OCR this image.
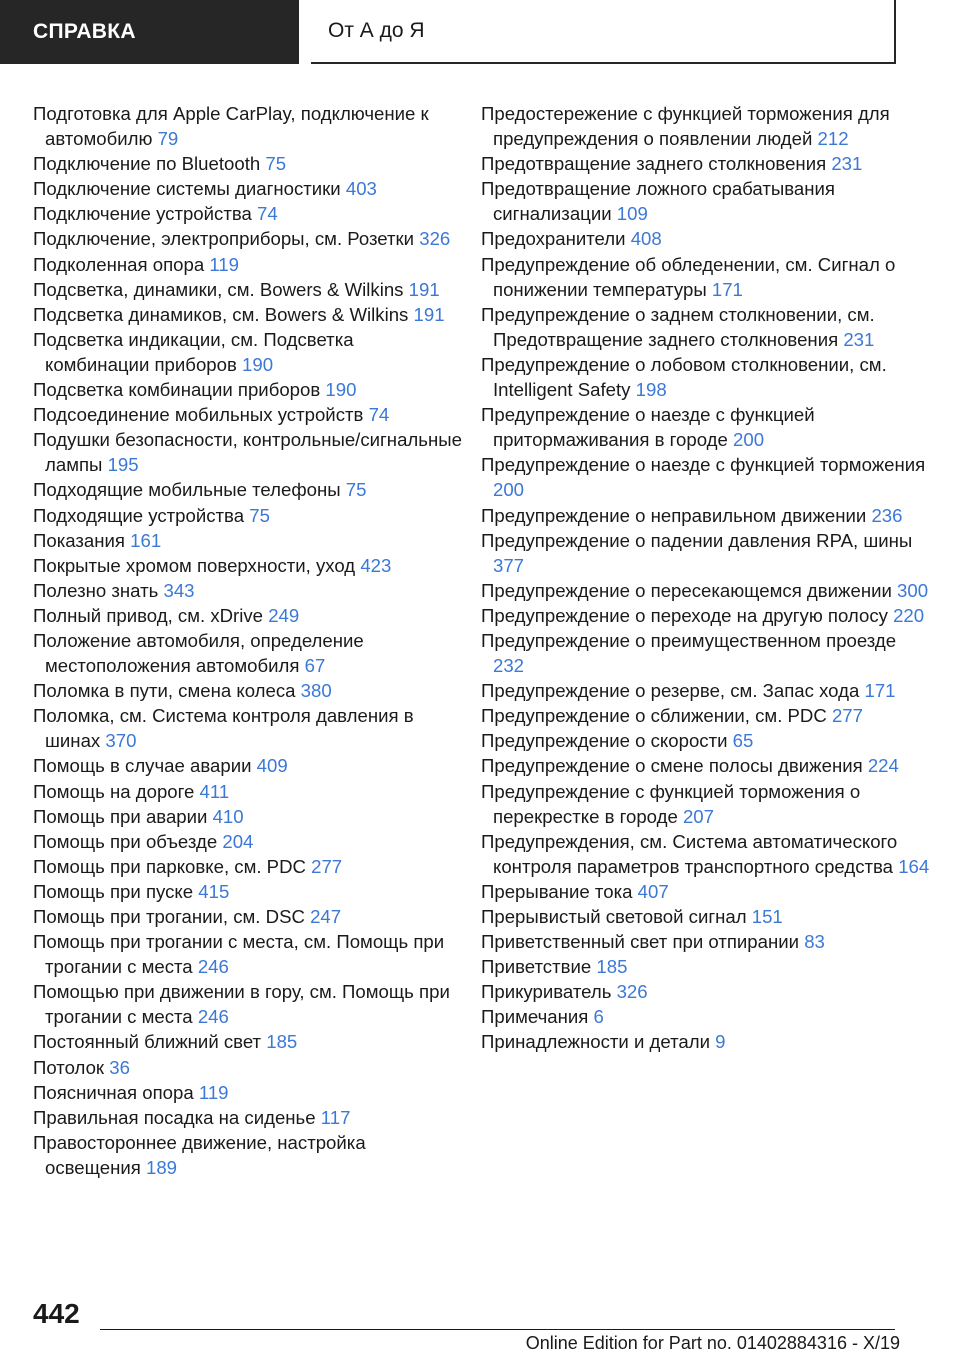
СПРАВКА	От А до Я
Подготовка для Apple CarPlay, подключение к автомобилю 79
Подключение по Bluetooth 75
Подключение системы диагностики 403
Подключение устройства 74
Подключение, электроприборы, см. Розетки 326
Подколенная опора 119
Подсветка, динамики, см. Bowers & Wilkins 191
Подсветка динамиков, см. Bowers & Wilkins 191
Подсветка индикации, см. Подсветка комбинации приборов 190
Подсветка комбинации приборов 190
Подсоединение мобильных устройств 74
Подушки безопасности, контрольные/сигнальные лампы 195
Подходящие мобильные телефоны 75
Подходящие устройства 75
Показания 161
Покрытые хромом поверхности, уход 423
Полезно знать 343
Полный привод, см. xDrive 249
Положение автомобиля, определение местоположения автомобиля 67
Поломка в пути, смена колеса 380
Поломка, см. Система контроля давления в шинах 370
Помощь в случае аварии 409
Помощь на дороге 411
Помощь при аварии 410
Помощь при объезде 204
Помощь при парковке, см. PDC 277
Помощь при пуске 415
Помощь при трогании, см. DSC 247
Помощь при трогании с места, см. Помощь при трогании с места 246
Помощью при движении в гору, см. Помощь при трогании с места 246
Постоянный ближний свет 185
Потолок 36
Поясничная опора 119
Правильная посадка на сиденье 117
Правостороннее движение, настройка освещения 189
Предостережение с функцией торможения для предупреждения о появлении людей 212
Предотвращение заднего столкновения 231
Предотвращение ложного срабатывания сигнализации 109
Предохранители 408
Предупреждение об обледенении, см. Сигнал о понижении температуры 171
Предупреждение о заднем столкновении, см. Предотвращение заднего столкновения 231
Предупреждение о лобовом столкновении, см. Intelligent Safety 198
Предупреждение о наезде с функцией притормаживания в городе 200
Предупреждение о наезде с функцией торможения 200
Предупреждение о неправильном движении 236
Предупреждение о падении давления RPA, шины 377
Предупреждение о пересекающемся движении 300
Предупреждение о переходе на другую полосу 220
Предупреждение о преимущественном проезде 232
Предупреждение о резерве, см. Запас хода 171
Предупреждение о сближении, см. PDC 277
Предупреждение о скорости 65
Предупреждение о смене полосы движения 224
Предупреждение с функцией торможения о перекрестке в городе 207
Предупреждения, см. Система автоматического контроля параметров транспортного средства 164
Прерывание тока 407
Прерывистый световой сигнал 151
Приветственный свет при отпирании 83
Приветствие 185
Прикуриватель 326
Примечания 6
Принадлежности и детали 9
442
Online Edition for Part no. 01402884316 - X/19
